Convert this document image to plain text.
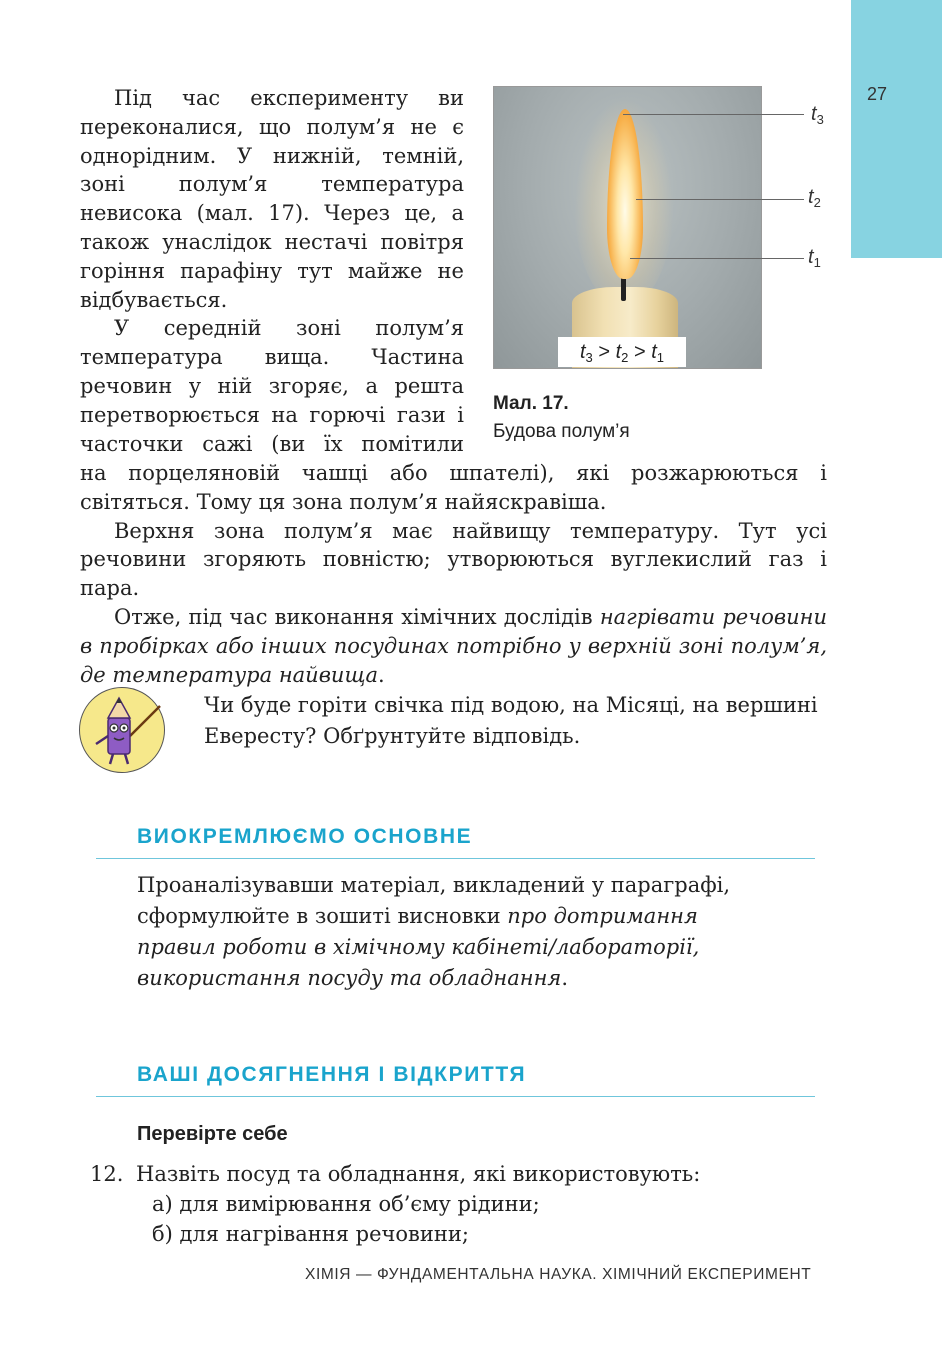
27

Під час експерименту ви переконалися, що полум’я не є однорідним. У нижній, темній, зоні полум’я температура невисока (мал. 17). Через це, а також унаслідок нестачі повітря горіння парафіну тут майже не відбувається.

У середній зоні полум’я температура вища. Частина речовин у ній згоряє, а решта перетворюється на горючі гази і часточки сажі (ви їх помітили

$t_3$
$t_2$
$t_1$
$t_3 > t_2 > t_1$
Мал. 17.
Будова полум’я

на порцеляновій чашці або шпателі), які розжарюються і світяться. Тому ця зона полум’я найяскравіша.

Верхня зона полум’я має найвищу температуру. Тут усі речовини згоряють повністю; утворюються вуглекислий газ і пара.

Отже, під час виконання хімічних дослідів нагрівати речовини в пробірках або інших посудинах потрібно у верхній зоні полум’я, де температура найвища.

Чи буде горіти свічка під водою, на Місяці, на вершині Евересту? Обґрунтуйте відповідь.

ВИОКРЕМЛЮЄМО ОСНОВНЕ

Проаналізувавши матеріал, викладений у параграфі, сформулюйте в зошиті висновки про дотримання правил роботи в хімічному кабінеті/лабораторії, використання посуду та обладнання.

ВАШІ ДОСЯГНЕННЯ І ВІДКРИТТЯ
Перевірте себе
12. Назвіть посуд та обладнання, які використовують:
а) для вимірювання об’єму рідини;
б) для нагрівання речовини;
ХІМІЯ — ФУНДАМЕНТАЛЬНА НАУКА. ХІМІЧНИЙ ЕКСПЕРИМЕНТ
